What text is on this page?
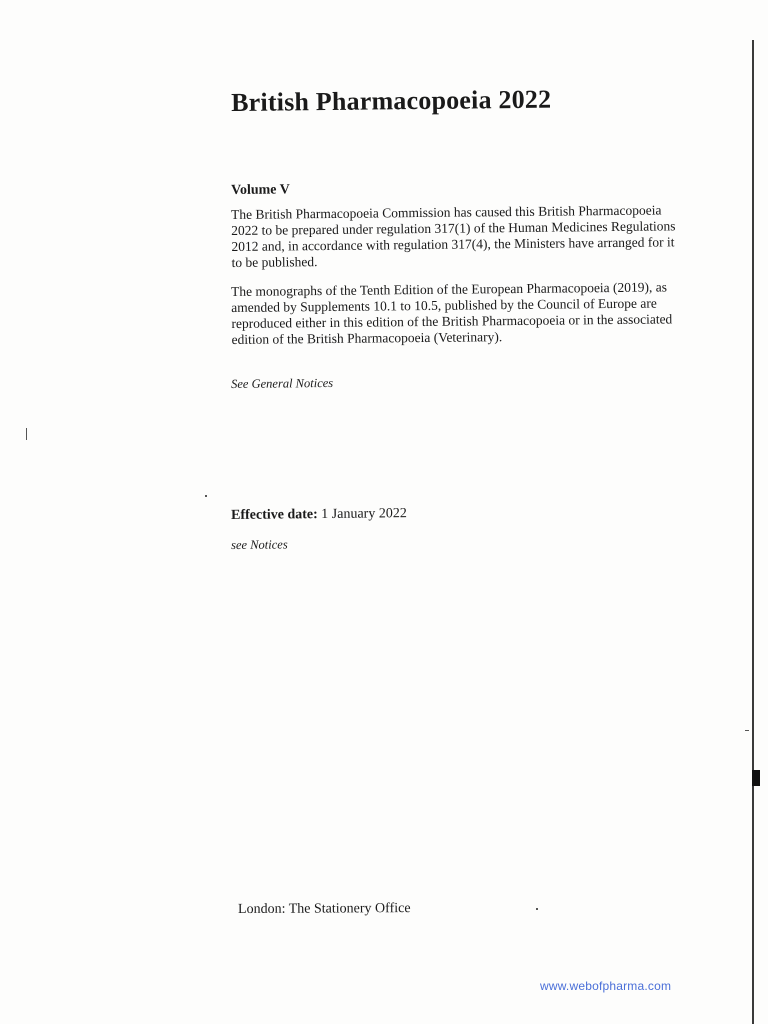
British Pharmacopoeia 2022

Volume V

The British Pharmacopoeia Commission has caused this British Pharmacopoeia 2022 to be prepared under regulation 317(1) of the Human Medicines Regulations 2012 and, in accordance with regulation 317(4), the Ministers have arranged for it to be published.

The monographs of the Tenth Edition of the European Pharmacopoeia (2019), as amended by Supplements 10.1 to 10.5, published by the Council of Europe are reproduced either in this edition of the British Pharmacopoeia or in the associated edition of the British Pharmacopoeia (Veterinary).

See General Notices

Effective date: 1 January 2022

see Notices

London: The Stationery Office

www.webofpharma.com
